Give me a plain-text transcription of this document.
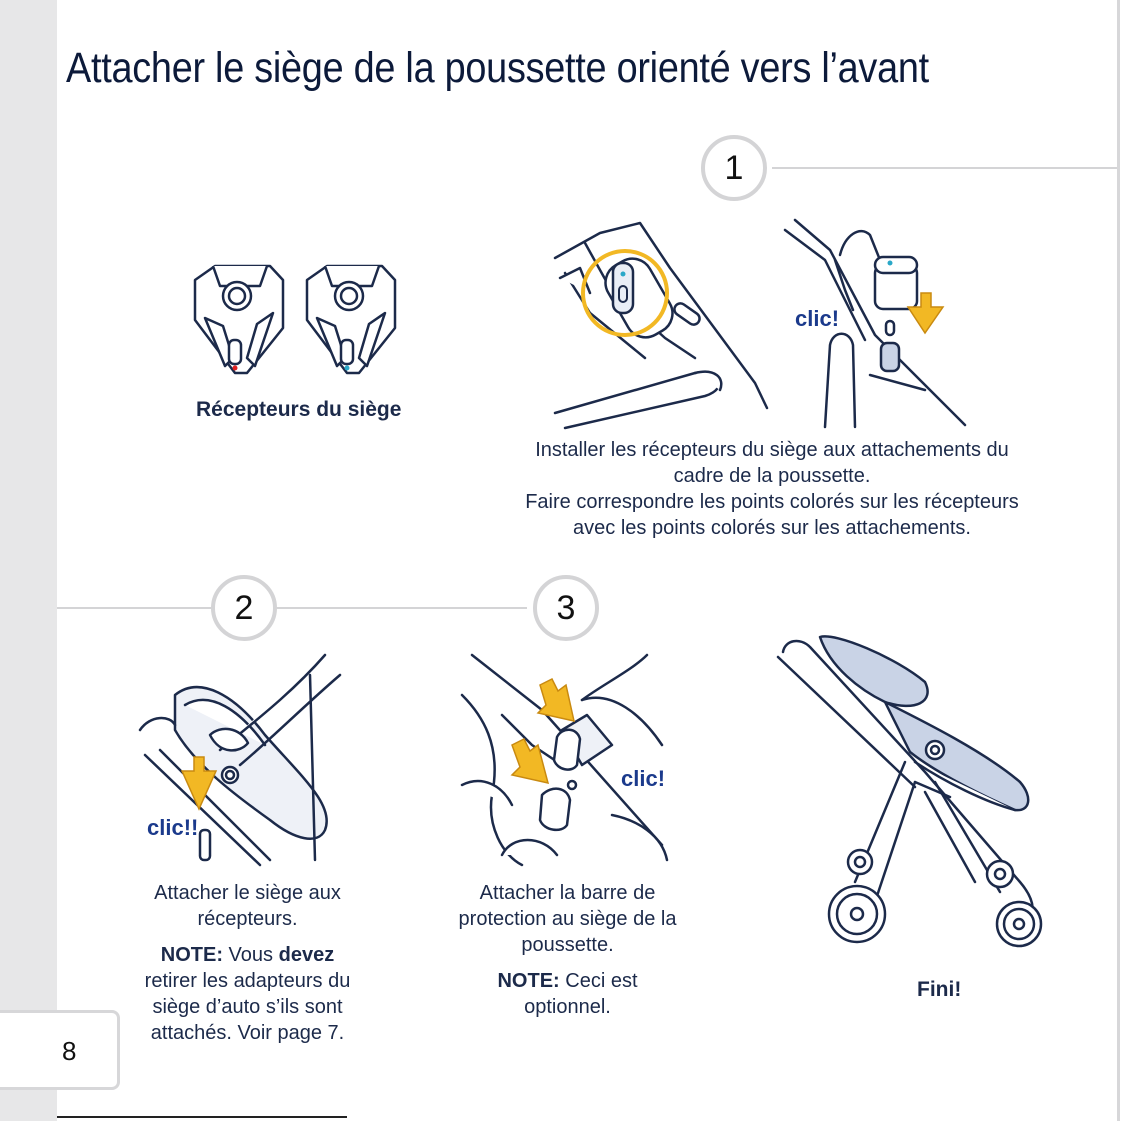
8
Attacher le siège de la poussette orienté vers l’avant
1
2	3
Récepteurs du siège
clic!
Installer les récepteurs du siège aux attachements du
cadre de la poussette.
Faire correspondre les points colorés sur les récepteurs
avec les points colorés sur les attachements.
clic!!
Attacher le siège aux
récepteurs.
NOTE: Vous devez
retirer les adapteurs du
siège d’auto s’ils sont
attachés. Voir page 7.
clic!
Attacher la barre de
protection au siège de la
poussette.
NOTE: Ceci est
optionnel.
Fini!
